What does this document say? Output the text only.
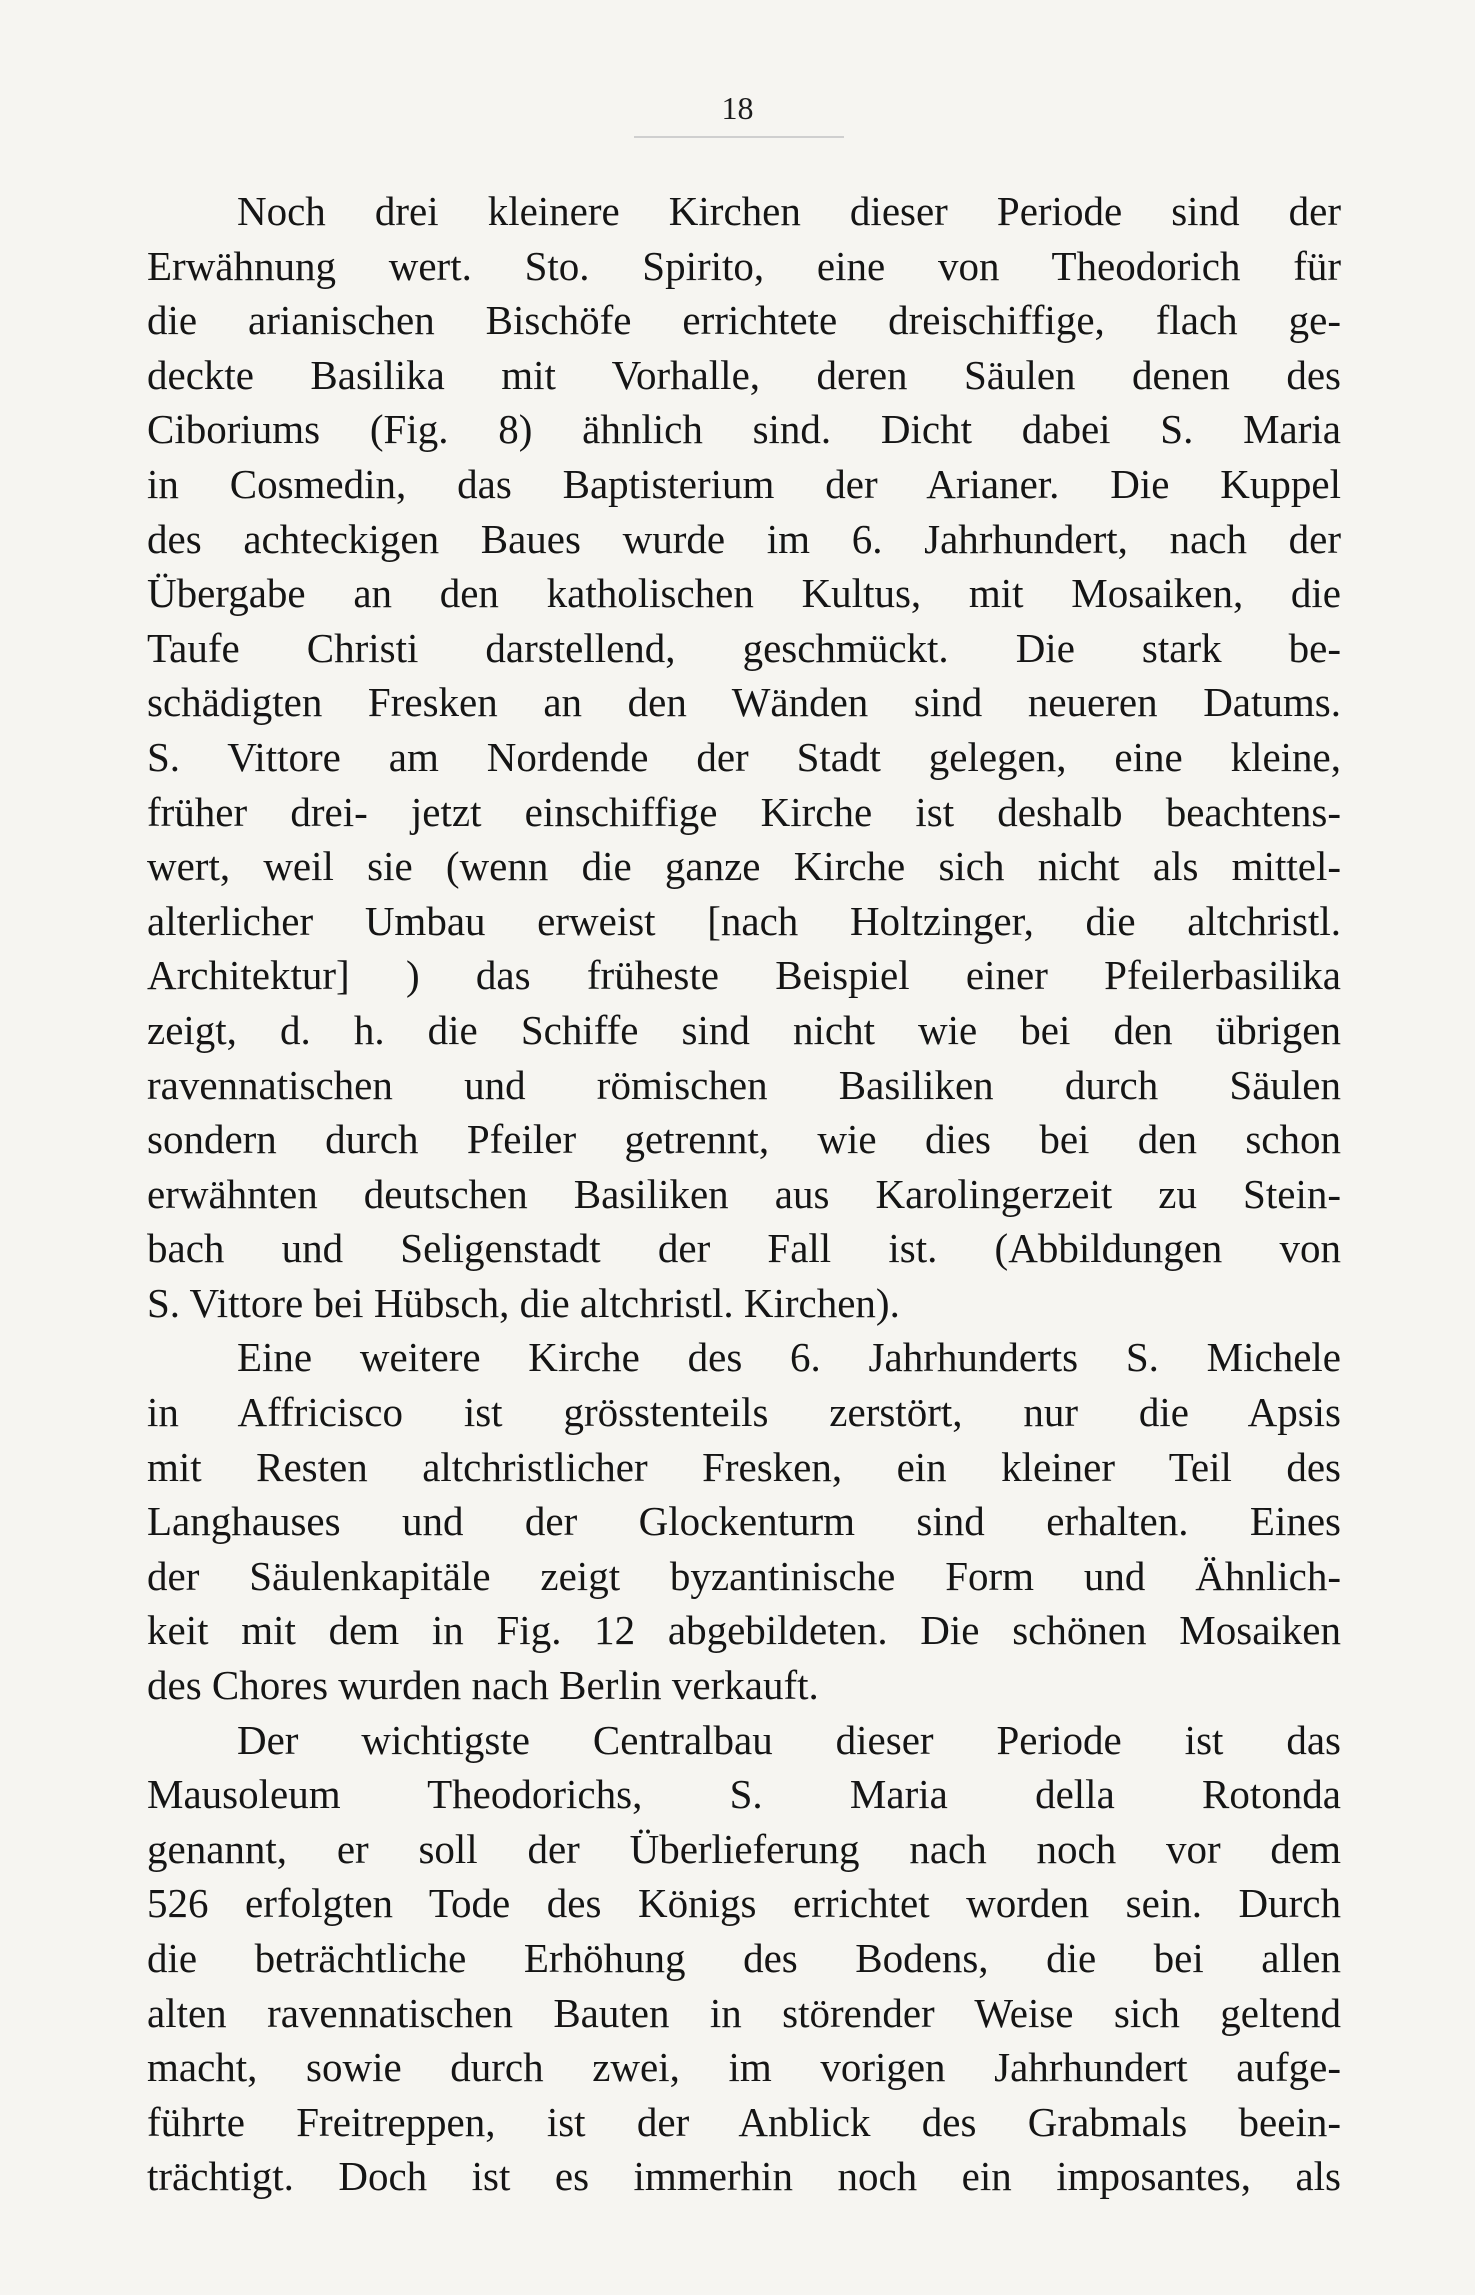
18
Noch drei kleinere Kirchen dieser Periode sind der
Erwähnung wert. Sto. Spirito, eine von Theodorich für
die arianischen Bischöfe errichtete dreischiffige, flach ge-
deckte Basilika mit Vorhalle, deren Säulen denen des
Ciboriums (Fig. 8) ähnlich sind. Dicht dabei S. Maria
in Cosmedin, das Baptisterium der Arianer. Die Kuppel
des achteckigen Baues wurde im 6. Jahrhundert, nach der
Übergabe an den katholischen Kultus, mit Mosaiken, die
Taufe Christi darstellend, geschmückt. Die stark be-
schädigten Fresken an den Wänden sind neueren Datums.
S. Vittore am Nordende der Stadt gelegen, eine kleine,
früher drei- jetzt einschiffige Kirche ist deshalb beachtens-
wert, weil sie (wenn die ganze Kirche sich nicht als mittel-
alterlicher Umbau erweist [nach Holtzinger, die altchristl.
Architektur] ) das früheste Beispiel einer Pfeilerbasilika
zeigt, d. h. die Schiffe sind nicht wie bei den übrigen
ravennatischen und römischen Basiliken durch Säulen
sondern durch Pfeiler getrennt, wie dies bei den schon
erwähnten deutschen Basiliken aus Karolingerzeit zu Stein-
bach und Seligenstadt der Fall ist. (Abbildungen von
S. Vittore bei Hübsch, die altchristl. Kirchen).
Eine weitere Kirche des 6. Jahrhunderts S. Michele
in Affricisco ist grösstenteils zerstört, nur die Apsis
mit Resten altchristlicher Fresken, ein kleiner Teil des
Langhauses und der Glockenturm sind erhalten. Eines
der Säulenkapitäle zeigt byzantinische Form und Ähnlich-
keit mit dem in Fig. 12 abgebildeten. Die schönen Mosaiken
des Chores wurden nach Berlin verkauft.
Der wichtigste Centralbau dieser Periode ist das
Mausoleum Theodorichs, S. Maria della Rotonda
genannt, er soll der Überlieferung nach noch vor dem
526 erfolgten Tode des Königs errichtet worden sein. Durch
die beträchtliche Erhöhung des Bodens, die bei allen
alten ravennatischen Bauten in störender Weise sich geltend
macht, sowie durch zwei, im vorigen Jahrhundert aufge-
führte Freitreppen, ist der Anblick des Grabmals beein-
trächtigt. Doch ist es immerhin noch ein imposantes, als
